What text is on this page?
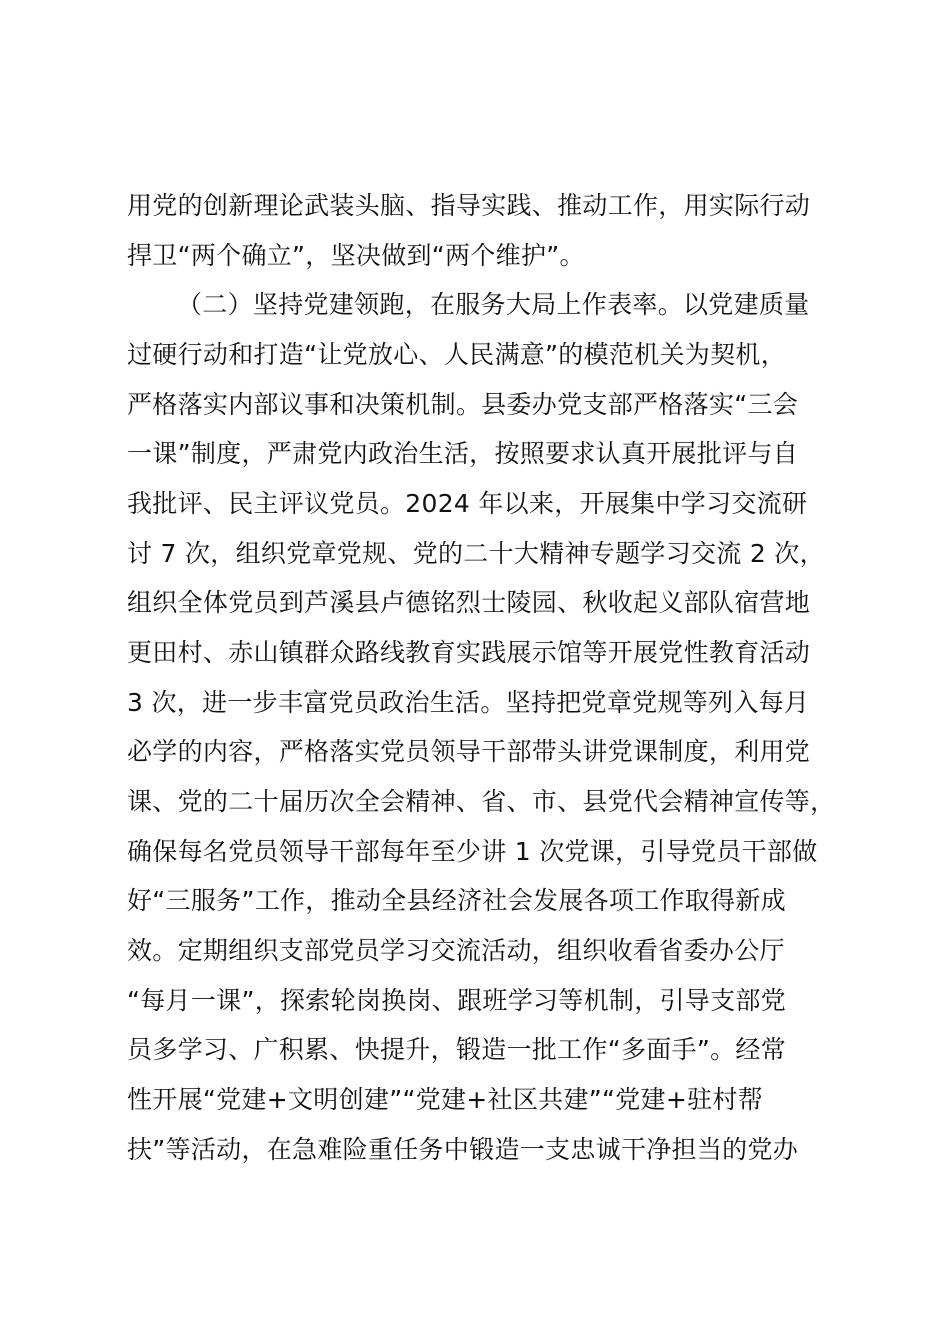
用党的创新理论武装头脑、指导实践、推动工作，用实际行动
捍卫“两个确立”，坚决做到“两个维护”。
（二）坚持党建领跑，在服务大局上作表率。以党建质量
过硬行动和打造“让党放心、人民满意”的模范机关为契机，
严格落实内部议事和决策机制。县委办党支部严格落实“三会
一课”制度，严肃党内政治生活，按照要求认真开展批评与自
我批评、民主评议党员。2024 年以来，开展集中学习交流研
讨 7 次，组织党章党规、党的二十大精神专题学习交流 2 次，
组织全体党员到芦溪县卢德铭烈士陵园、秋收起义部队宿营地
更田村、赤山镇群众路线教育实践展示馆等开展党性教育活动
3 次，进一步丰富党员政治生活。坚持把党章党规等列入每月
必学的内容，严格落实党员领导干部带头讲党课制度，利用党
课、党的二十届历次全会精神、省、市、县党代会精神宣传等，
确保每名党员领导干部每年至少讲 1 次党课，引导党员干部做
好“三服务”工作，推动全县经济社会发展各项工作取得新成
效。定期组织支部党员学习交流活动，组织收看省委办公厅
“每月一课”，探索轮岗换岗、跟班学习等机制，引导支部党
员多学习、广积累、快提升，锻造一批工作“多面手”。经常
性开展“党建+文明创建”“党建+社区共建”“党建+驻村帮
扶”等活动，在急难险重任务中锻造一支忠诚干净担当的党办
